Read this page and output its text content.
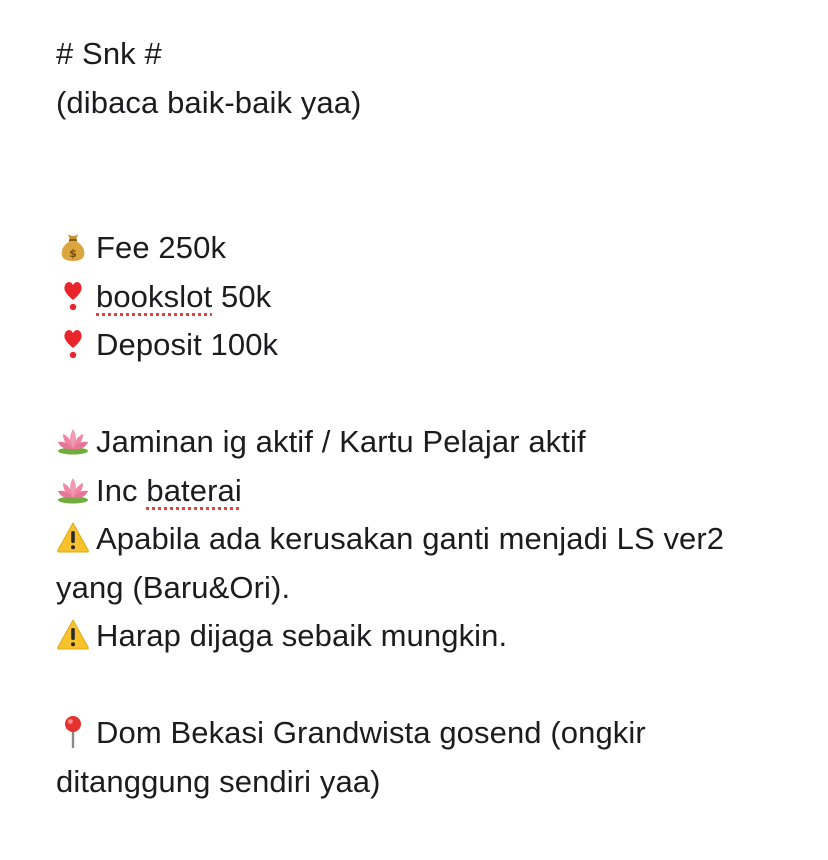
# Snk #
(dibaca baik-baik yaa)
$ Fee 250k
bookslot 50k
Deposit 100k
Jaminan ig aktif / Kartu Pelajar aktif
Inc baterai
Apabila ada kerusakan ganti menjadi LS ver2 yang (Baru&Ori).
Harap dijaga sebaik mungkin.
Dom Bekasi Grandwista gosend (ongkir ditanggung sendiri yaa)
